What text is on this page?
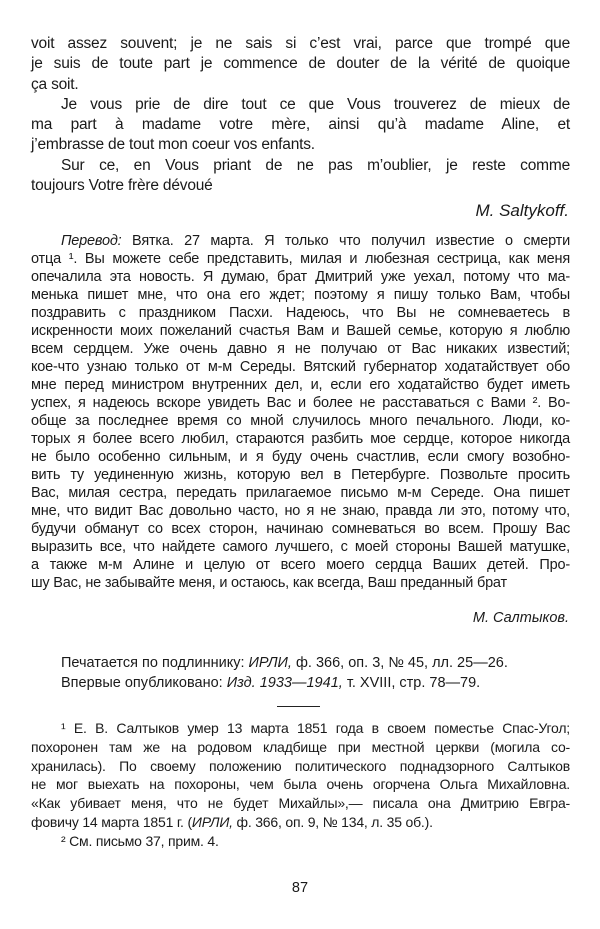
voit assez souvent; je ne sais si c’est vrai, parce que trompé que
je suis de toute part je commence de douter de la vérité de quoique
ça soit.
Je vous prie de dire tout ce que Vous trouverez de mieux de
ma part à madame votre mère, ainsi qu’à madame Aline, et
j’embrasse de tout mon coeur vos enfants.
Sur ce, en Vous priant de ne pas m’oublier, je reste comme
toujours Votre frère dévoué
M. Saltykoff.
Перевод: Вятка. 27 марта. Я только что получил известие о смерти
отца ¹. Вы можете себе представить, милая и любезная сестрица, как меня
опечалила эта новость. Я думаю, брат Дмитрий уже уехал, потому что ма-
менька пишет мне, что она его ждет; поэтому я пишу только Вам, чтобы
поздравить с праздником Пасхи. Надеюсь, что Вы не сомневаетесь в
искренности моих пожеланий счастья Вам и Вашей семье, которую я люблю
всем сердцем. Уже очень давно я не получаю от Вас никаких известий;
кое-что узнаю только от м-м Середы. Вятский губернатор ходатайствует обо
мне перед министром внутренних дел, и, если его ходатайство будет иметь
успех, я надеюсь вскоре увидеть Вас и более не расставаться с Вами ². Во-
обще за последнее время со мной случилось много печального. Люди, ко-
торых я более всего любил, стараются разбить мое сердце, которое никогда
не было особенно сильным, и я буду очень счастлив, если смогу возобно-
вить ту уединенную жизнь, которую вел в Петербурге. Позвольте просить
Вас, милая сестра, передать прилагаемое письмо м-м Середе. Она пишет
мне, что видит Вас довольно часто, но я не знаю, правда ли это, потому что,
будучи обманут со всех сторон, начинаю сомневаться во всем. Прошу Вас
выразить все, что найдете самого лучшего, с моей стороны Вашей матушке,
а также м-м Алине и целую от всего моего сердца Ваших детей. Про-
шу Вас, не забывайте меня, и остаюсь, как всегда, Ваш преданный брат
М. Салтыков.
Печатается по подлиннику: ИРЛИ, ф. 366, оп. 3, № 45, лл. 25—26.
Впервые опубликовано: Изд. 1933—1941, т. XVIII, стр. 78—79.
¹ Е. В. Салтыков умер 13 марта 1851 года в своем поместье Спас-Угол;
похоронен там же на родовом кладбище при местной церкви (могила со-
хранилась). По своему положению политического поднадзорного Салтыков
не мог выехать на похороны, чем была очень огорчена Ольга Михайловна.
«Как убивает меня, что не будет Михайлы»,— писала она Дмитрию Евгра-
фовичу 14 марта 1851 г. (ИРЛИ, ф. 366, оп. 9, № 134, л. 35 об.).
² См. письмо 37, прим. 4.
87
